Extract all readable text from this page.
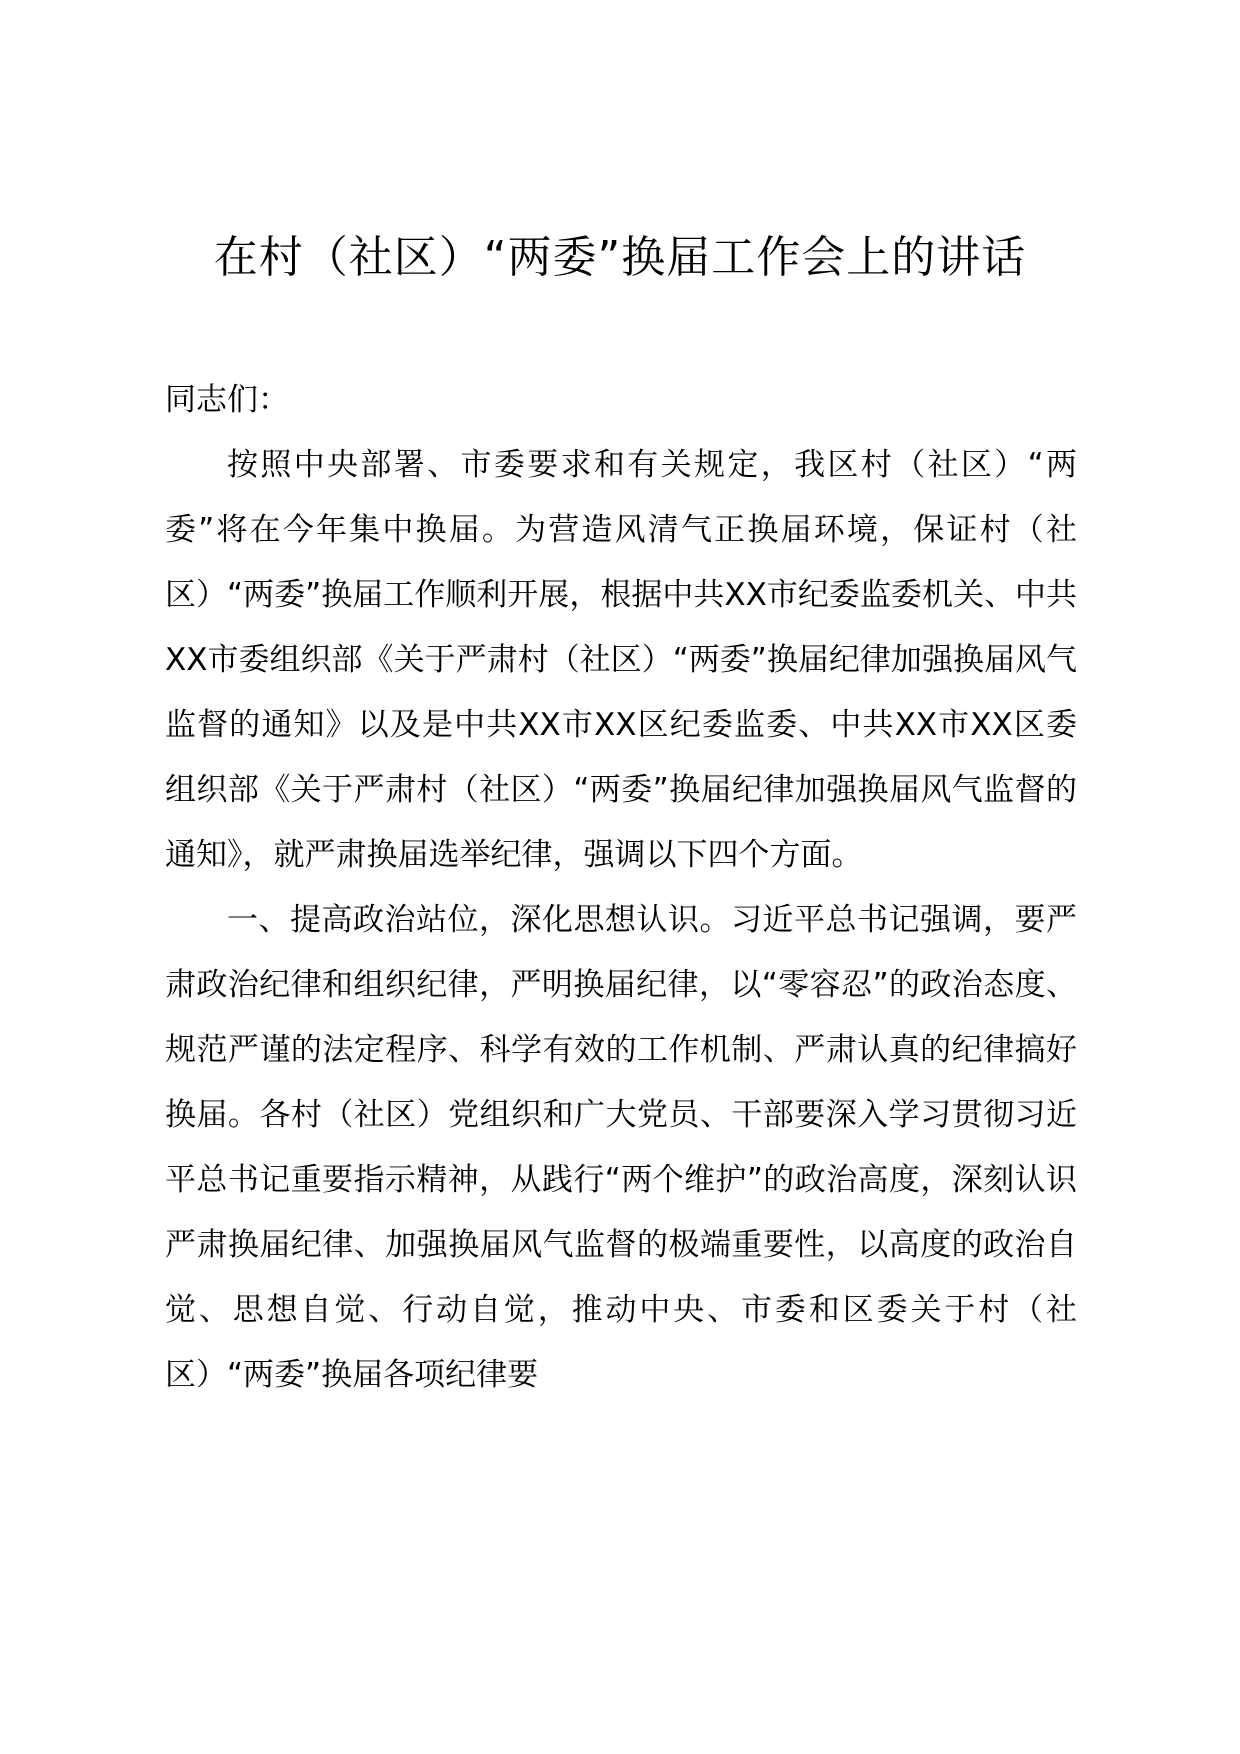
在村（社区）“两委”换届工作会上的讲话

同志们：

按照中央部署、市委要求和有关规定，我区村（社区）“两委”将在今年集中换届。为营造风清气正换届环境，保证村（社区）“两委”换届工作顺利开展，根据中共XX市纪委监委机关、中共XX市委组织部《关于严肃村（社区）“两委”换届纪律加强换届风气监督的通知》以及是中共XX市XX区纪委监委、中共XX市XX区委组织部《关于严肃村（社区）“两委”换届纪律加强换届风气监督的通知》，就严肃换届选举纪律，强调以下四个方面。

一、提高政治站位，深化思想认识。习近平总书记强调，要严肃政治纪律和组织纪律，严明换届纪律，以“零容忍”的政治态度、规范严谨的法定程序、科学有效的工作机制、严肃认真的纪律搞好换届。各村（社区）党组织和广大党员、干部要深入学习贯彻习近平总书记重要指示精神，从践行“两个维护”的政治高度，深刻认识严肃换届纪律、加强换届风气监督的极端重要性，以高度的政治自觉、思想自觉、行动自觉，推动中央、市委和区委关于村（社区）“两委”换届各项纪律要
